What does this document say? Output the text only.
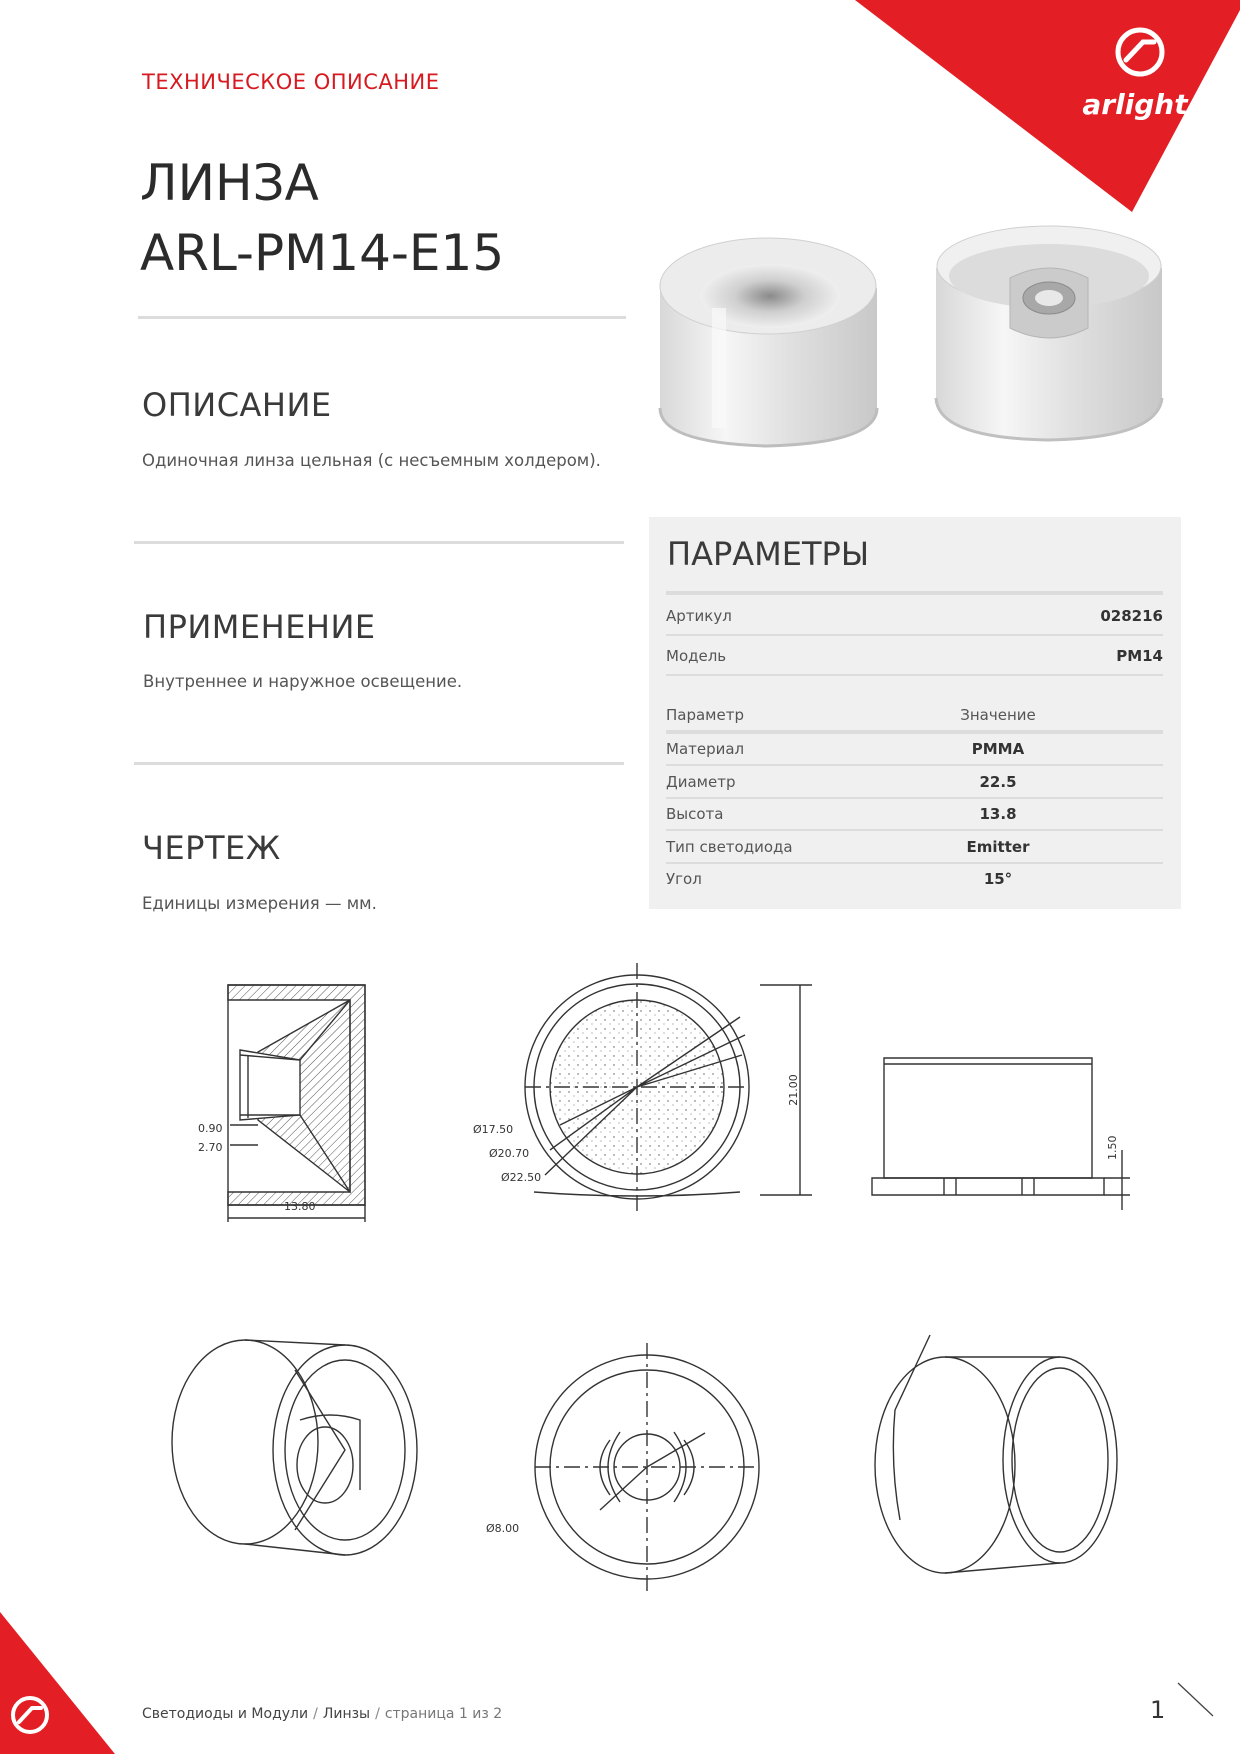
arlight
ТЕХНИЧЕСКОЕ ОПИСАНИЕ
ЛИНЗА
ARL-PM14-E15
ОПИСАНИЕ
Одиночная линза цельная (с несъемным холдером).
ПРИМЕНЕНИЕ
Внутреннее и наружное освещение.
ЧЕРТЕЖ
Единицы измерения — мм.
ПАРАМЕТРЫ
Артикул	028216
Модель	PM14
Параметр	Значение
Материал	PMMA
Диаметр	22.5
Высота	13.8
Тип светодиода	Emitter
Угол	15°
0.90
2.70
13.80
Ø17.50
Ø20.70
Ø22.50
21.00
1.50
Ø8.00
Светодиоды и Модули / Линзы / страница 1 из 2	1
